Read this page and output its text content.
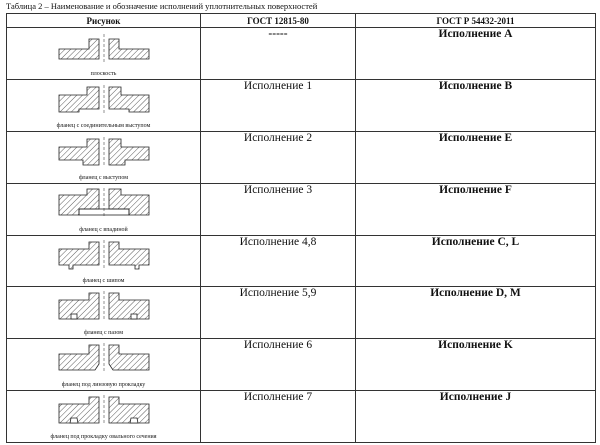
Таблица 2 – Наименование и обозначение исполнений уплотнительных поверхностей
Рисунок	ГОСТ 12815-80	ГОСТ Р 54432-2011

плоскость	-----	Исполнение A

фланец с соединительным выступом	Исполнение 1	Исполнение B

фланец с выступом	Исполнение 2	Исполнение E

фланец с впадиной	Исполнение 3	Исполнение F

фланец с шипом	Исполнение 4,8	Исполнение C, L

фланец с пазом	Исполнение 5,9	Исполнение D, M

фланец под линзовую прокладку	Исполнение 6	Исполнение K

фланец под прокладку овального сечения	Исполнение 7	Исполнение J
